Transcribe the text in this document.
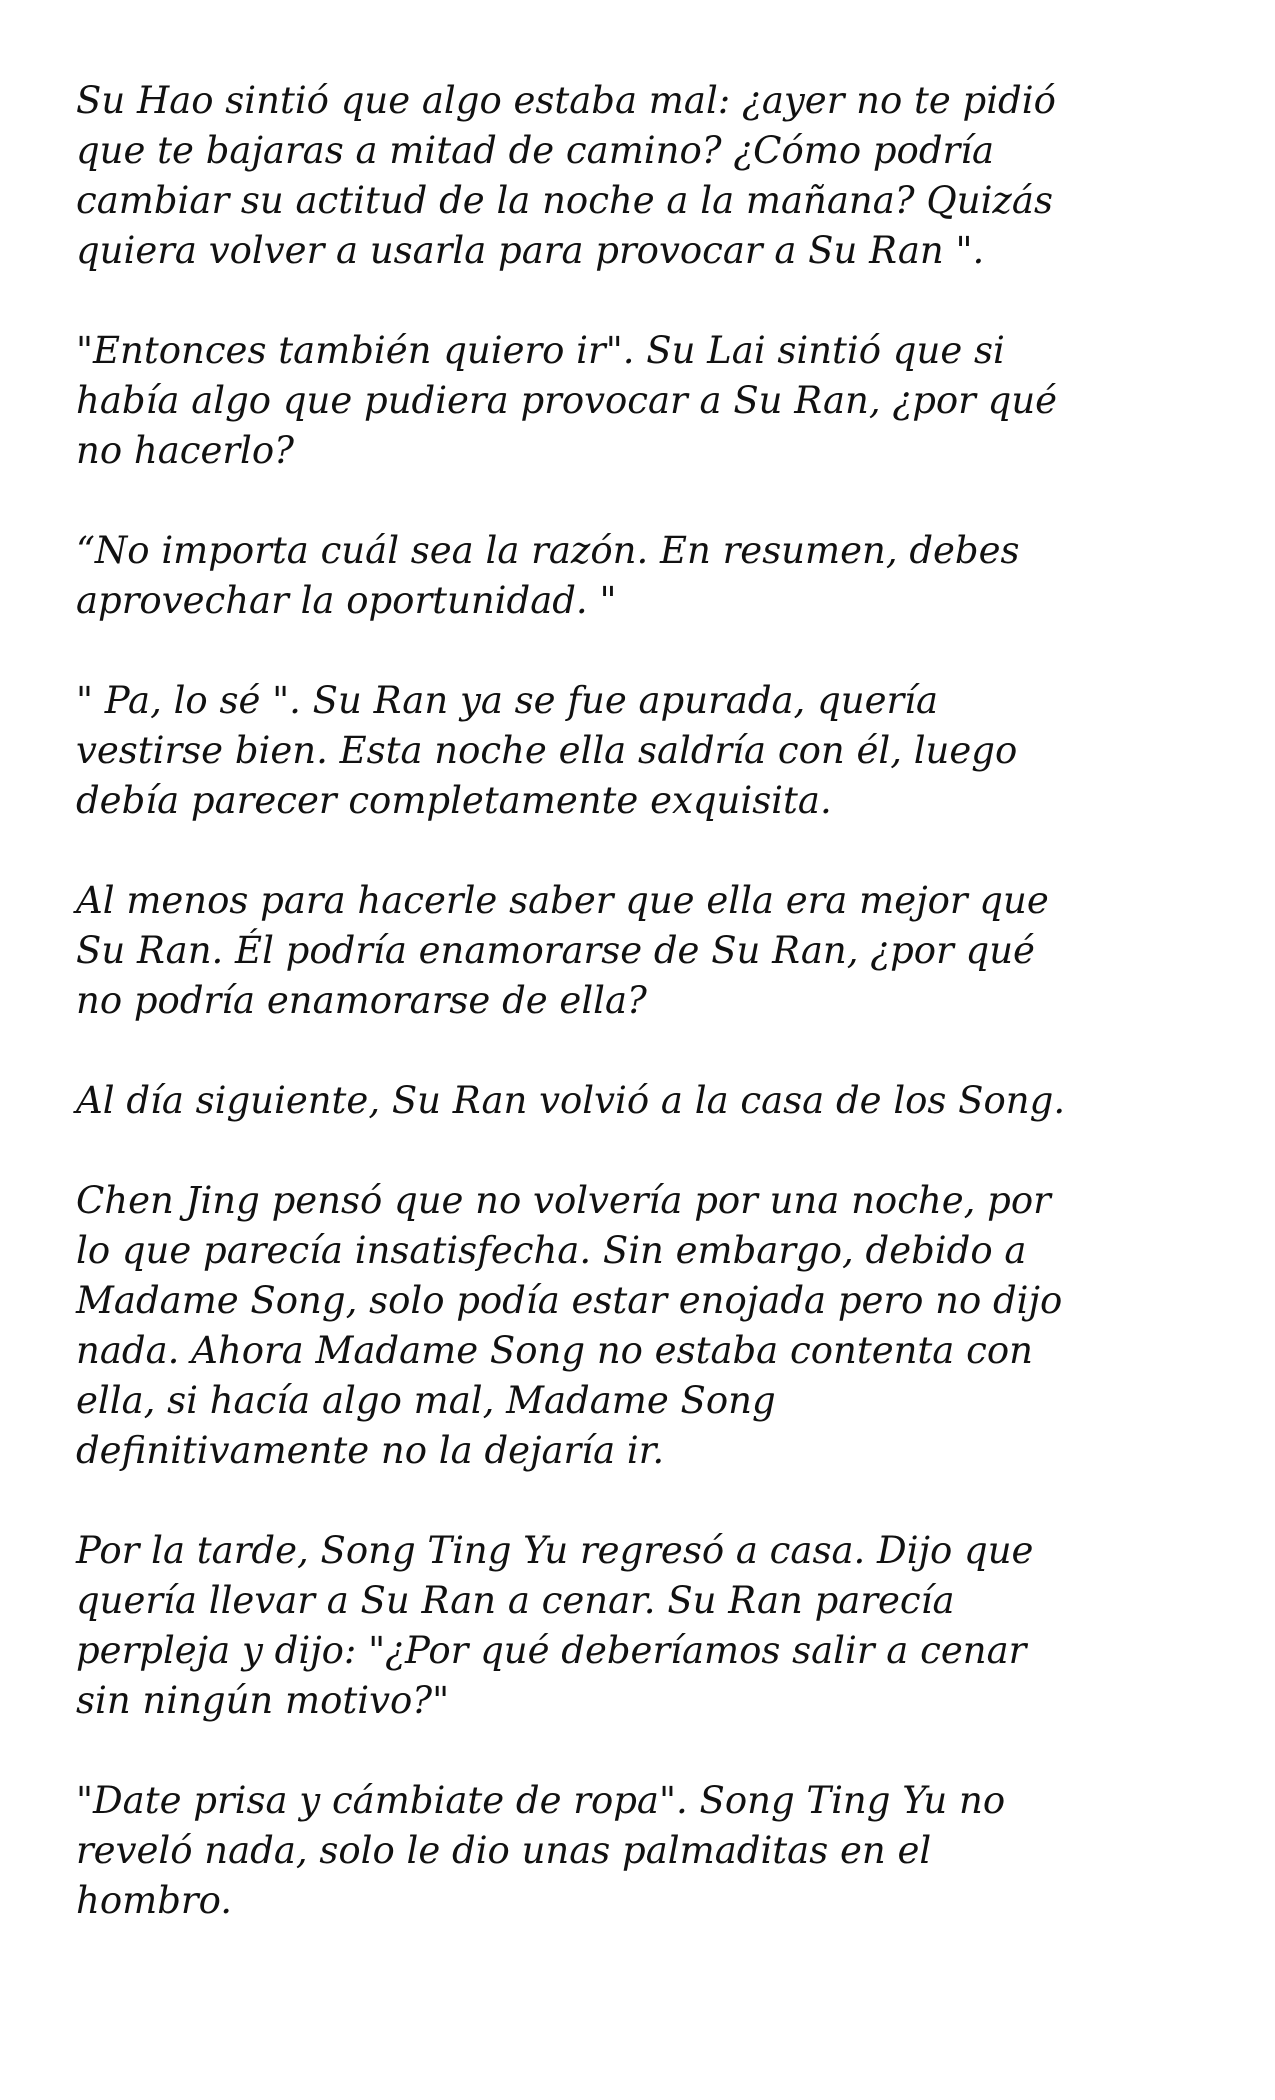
Su Hao sintió que algo estaba mal: ¿ayer no te pidió
que te bajaras a mitad de camino? ¿Cómo podría
cambiar su actitud de la noche a la mañana? Quizás
quiera volver a usarla para provocar a Su Ran ".

"Entonces también quiero ir". Su Lai sintió que si
había algo que pudiera provocar a Su Ran, ¿por qué
no hacerlo?

“No importa cuál sea la razón. En resumen, debes
aprovechar la oportunidad. "

" Pa, lo sé ". Su Ran ya se fue apurada, quería
vestirse bien. Esta noche ella saldría con él, luego
debía parecer completamente exquisita.

Al menos para hacerle saber que ella era mejor que
Su Ran. Él podría enamorarse de Su Ran, ¿por qué
no podría enamorarse de ella?

Al día siguiente, Su Ran volvió a la casa de los Song.

Chen Jing pensó que no volvería por una noche, por
lo que parecía insatisfecha. Sin embargo, debido a
Madame Song, solo podía estar enojada pero no dijo
nada. Ahora Madame Song no estaba contenta con
ella, si hacía algo mal, Madame Song
definitivamente no la dejaría ir.

Por la tarde, Song Ting Yu regresó a casa. Dijo que
quería llevar a Su Ran a cenar. Su Ran parecía
perpleja y dijo: "¿Por qué deberíamos salir a cenar
sin ningún motivo?"

"Date prisa y cámbiate de ropa". Song Ting Yu no
reveló nada, solo le dio unas palmaditas en el
hombro.
